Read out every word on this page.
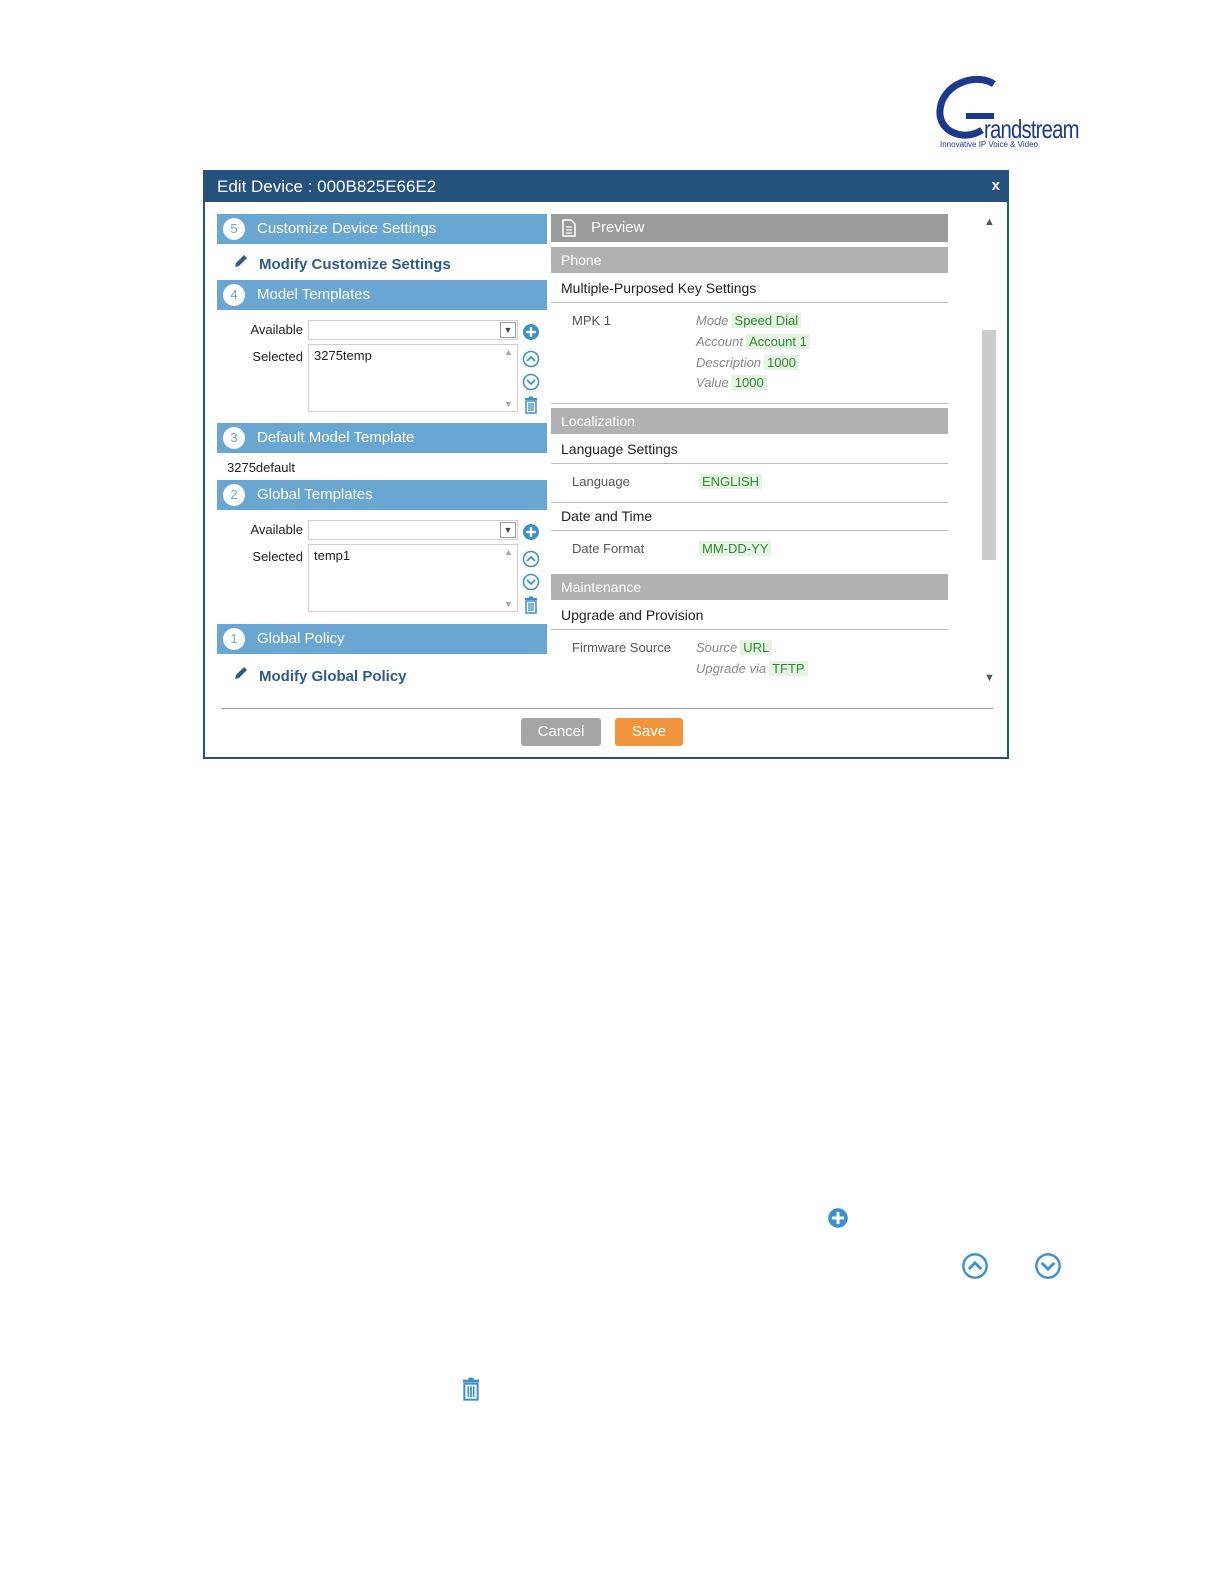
randstream
Innovative IP Voice & Video
Edit Device : 000B825E66E2	x
5	Customize Device Settings
Modify Customize Settings
4	Model Templates
Available	▼
Selected 3275temp	▲
▼
3	Default Model Template
3275default
2	Global Templates
Available	▼
Selected temp1	▲
▼
1	Global Policy
Modify Global Policy
Preview
Phone
Multiple-Purposed Key Settings
MPK 1	Mode Speed Dial
Account Account 1
Description 1000
Value 1000
Localization
Language Settings
Language	ENGLISH
Date and Time
Date Format	MM-DD-YY
Maintenance
Upgrade and Provision
Firmware Source Source URL
Upgrade via TFTP
▲
▼
Cancel	Save
